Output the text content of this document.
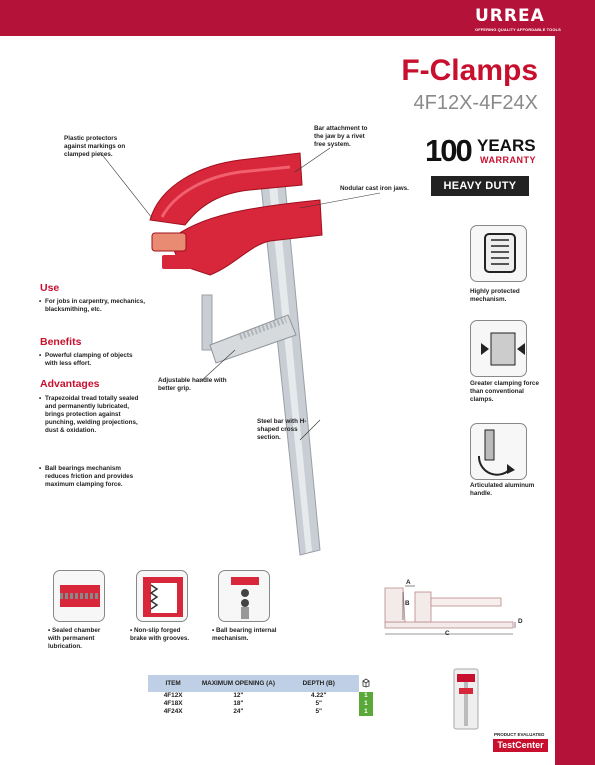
URREA
OFFERING QUALITY AFFORDABLE TOOLS
F-Clamps
4F12X-4F24X
100 YEARS
WARRANTY
HEAVY DUTY
Plastic protectors against markings on clamped pieces.
Bar attachment to the jaw by a rivet free system.
Nodular cast iron jaws.
Adjustable handle with better grip.
Steel bar with H-shaped cross section.
Use
• For jobs in carpentry, mechanics, blacksmithing, etc.
Benefits
• Powerful clamping of objects with less effort.
Advantages
• Trapezoidal tread totally sealed and permanently lubricated, brings protection against punching, welding projections, dust & oxidation.
• Ball bearings mechanism reduces friction and provides maximum clamping force.
Highly protected mechanism.
Greater clamping force than conventional clamps.
Articulated aluminum handle.
• Sealed chamber with permanent lubrication.
• Non-slip forged brake with grooves.
• Ball bearing internal mechanism.
A
B
C
D
ITEM	MAXIMUM OPENING (A)	DEPTH (B)	
4F12X	12"	4.22"	1
4F18X	18"	5"	1
4F24X	24"	5"	1
PRODUCT EVALUATED
TestCenter
